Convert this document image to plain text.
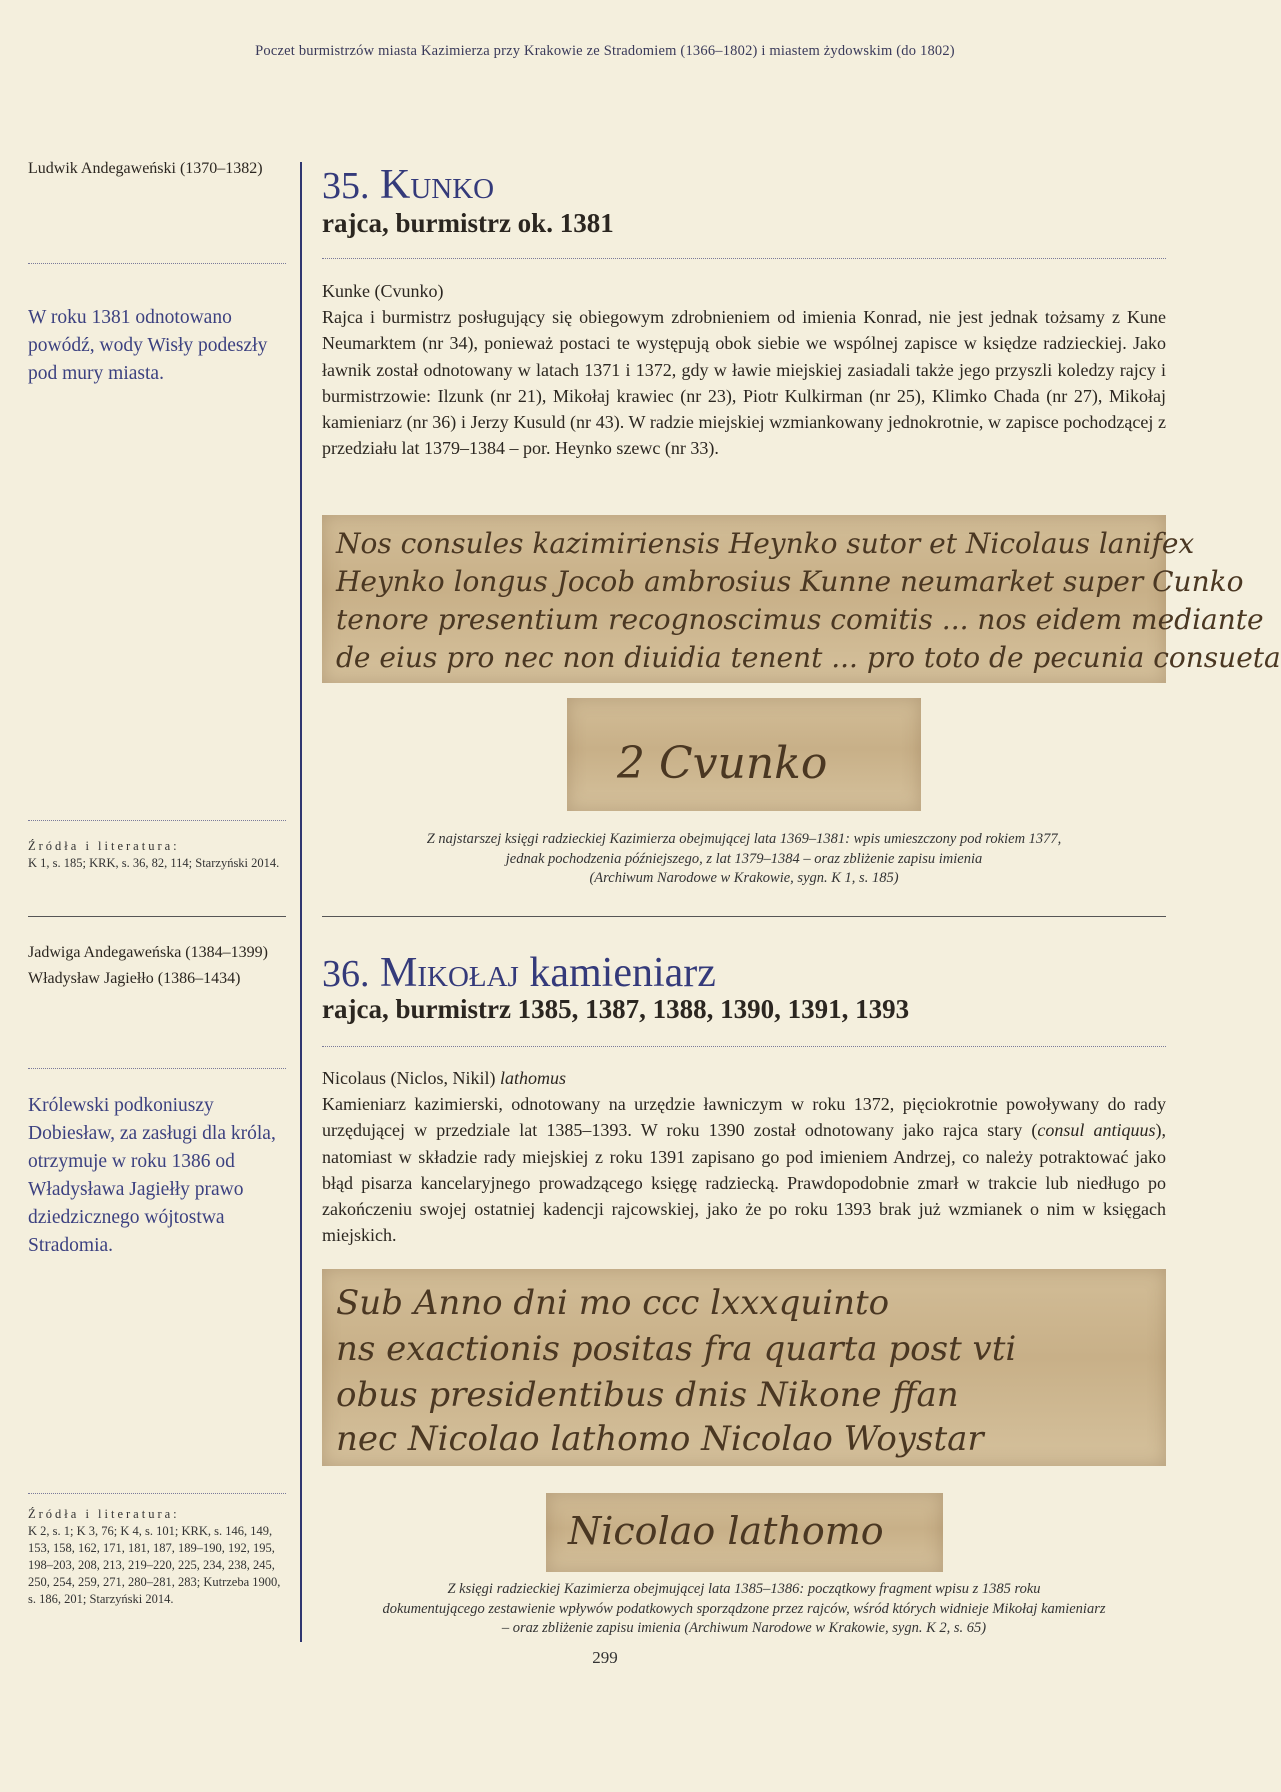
Poczet burmistrzów miasta Kazimierza przy Krakowie ze Stradomiem (1366–1802) i miastem żydowskim (do 1802)
Ludwik Andegaweński (1370–1382)
W roku 1381 odnotowano powódź, wody Wisły podeszły pod mury miasta.
Źródła i literatura:
K 1, s. 185; KRK, s. 36, 82, 114; Starzyński 2014.
Jadwiga Andegaweńska (1384–1399)
Władysław Jagiełło (1386–1434)
Królewski podkoniuszy Dobiesław, za zasługi dla króla, otrzymuje w roku 1386 od Władysława Jagiełły prawo dziedzicznego wójtostwa Stradomia.
Źródła i literatura:
K 2, s. 1; K 3, 76; K 4, s. 101; KRK, s. 146, 149, 153, 158, 162, 171, 181, 187, 189–190, 192, 195, 198–203, 208, 213, 219–220, 225, 234, 238, 245, 250, 254, 259, 271, 280–281, 283; Kutrzeba 1900, s. 186, 201; Starzyński 2014.
35. Kunko
rajca, burmistrz ok. 1381
Kunke (Cvunko)
Rajca i burmistrz posługujący się obiegowym zdrobnieniem od imienia Konrad, nie jest jednak tożsamy z Kune Neumarktem (nr 34), ponieważ postaci te występują obok siebie we wspólnej zapisce w księdze radzieckiej. Jako ławnik został odnotowany w latach 1371 i 1372, gdy w ławie miejskiej zasiadali także jego przyszli koledzy rajcy i burmistrzowie: Ilzunk (nr 21), Mikołaj krawiec (nr 23), Piotr Kulkirman (nr 25), Klimko Chada (nr 27), Mikołaj kamieniarz (nr 36) i Jerzy Kusuld (nr 43). W radzie miejskiej wzmiankowany jednokrotnie, w zapisce pochodzącej z przedziału lat 1379–1384 – por. Heynko szewc (nr 33).
Nos consules kazimiriensis Heynko sutor et Nicolaus lanifex
Heynko longus Jocob ambrosius Kunne neumarket super Cunko
tenore presentium recognoscimus comitis ... nos eidem mediante
de eius pro nec non diuidia tenent ... pro toto de pecunia consueta
2 Cvunko
Z najstarszej księgi radzieckiej Kazimierza obejmującej lata 1369–1381: wpis umieszczony pod rokiem 1377,
jednak pochodzenia późniejszego, z lat 1379–1384 – oraz zbliżenie zapisu imienia
(Archiwum Narodowe w Krakowie, sygn. K 1, s. 185)
36. Mikołaj kamieniarz
rajca, burmistrz 1385, 1387, 1388, 1390, 1391, 1393
Nicolaus (Niclos, Nikil) lathomus
Kamieniarz kazimierski, odnotowany na urzędzie ławniczym w roku 1372, pięciokrotnie powoływany do rady urzędującej w przedziale lat 1385–1393. W roku 1390 został odnotowany jako rajca stary (consul antiquus), natomiast w składzie rady miejskiej z roku 1391 zapisano go pod imieniem Andrzej, co należy potraktować jako błąd pisarza kancelaryjnego prowadzącego księgę radziecką. Prawdopodobnie zmarł w trakcie lub niedługo po zakończeniu swojej ostatniej kadencji rajcowskiej, jako że po roku 1393 brak już wzmianek o nim w księgach miejskich.
Sub Anno dni mo ccc lxxxquinto
ns exactionis positas fra quarta post vti
obus presidentibus dnis Nikone ffan
nec Nicolao lathomo Nicolao Woystar
Nicolao lathomo
Z księgi radzieckiej Kazimierza obejmującej lata 1385–1386: początkowy fragment wpisu z 1385 roku
dokumentującego zestawienie wpływów podatkowych sporządzone przez rajców, wśród których widnieje Mikołaj kamieniarz
– oraz zbliżenie zapisu imienia (Archiwum Narodowe w Krakowie, sygn. K 2, s. 65)
299
